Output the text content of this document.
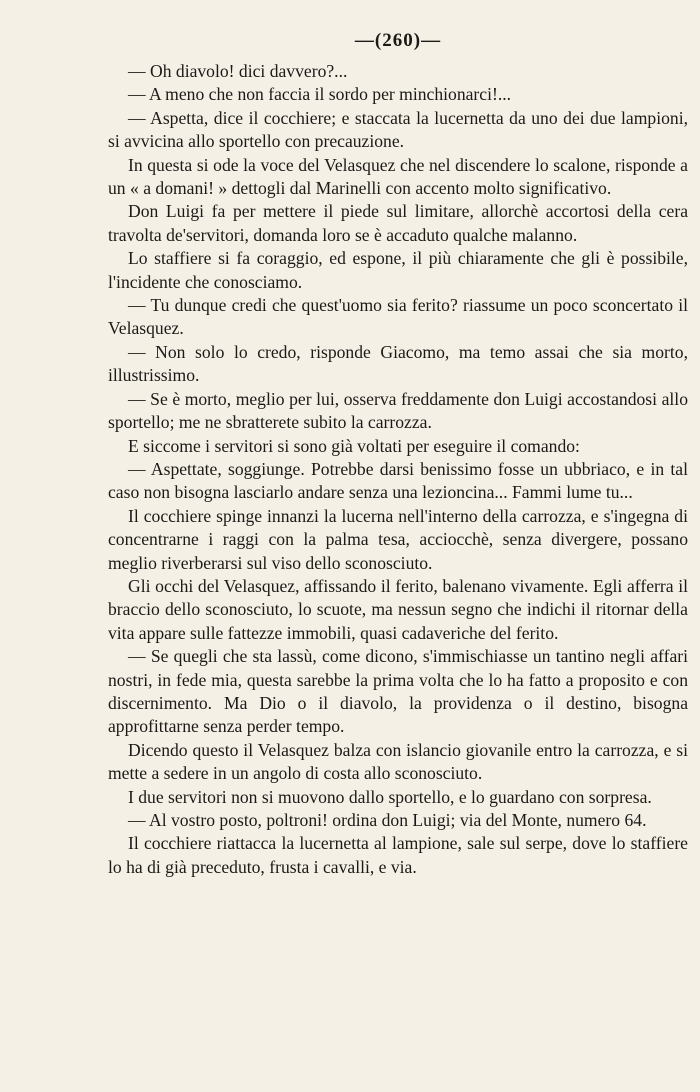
—(260)—

— Oh diavolo! dici davvero?...

— A meno che non faccia il sordo per minchionarci!...

— Aspetta, dice il cocchiere; e staccata la lucernetta da uno dei due lampioni, si avvicina allo sportello con precauzione.

In questa si ode la voce del Velasquez che nel discendere lo scalone, risponde a un « a domani! » dettogli dal Marinelli con accento molto significativo.

Don Luigi fa per mettere il piede sul limitare, allorchè accortosi della cera travolta de'servitori, domanda loro se è accaduto qualche malanno.

Lo staffiere si fa coraggio, ed espone, il più chiaramente che gli è possibile, l'incidente che conosciamo.

— Tu dunque credi che quest'uomo sia ferito? riassume un poco sconcertato il Velasquez.

— Non solo lo credo, risponde Giacomo, ma temo assai che sia morto, illustrissimo.

— Se è morto, meglio per lui, osserva freddamente don Luigi accostandosi allo sportello; me ne sbratterete subito la carrozza.

E siccome i servitori si sono già voltati per eseguire il comando:

— Aspettate, soggiunge. Potrebbe darsi benissimo fosse un ubbriaco, e in tal caso non bisogna lasciarlo andare senza una lezioncina... Fammi lume tu...

Il cocchiere spinge innanzi la lucerna nell'interno della carrozza, e s'ingegna di concentrarne i raggi con la palma tesa, acciocchè, senza divergere, possano meglio riverberarsi sul viso dello sconosciuto.

Gli occhi del Velasquez, affissando il ferito, balenano vivamente. Egli afferra il braccio dello sconosciuto, lo scuote, ma nessun segno che indichi il ritornar della vita appare sulle fattezze immobili, quasi cadaveriche del ferito.

— Se quegli che sta lassù, come dicono, s'immischiasse un tantino negli affari nostri, in fede mia, questa sarebbe la prima volta che lo ha fatto a proposito e con discernimento. Ma Dio o il diavolo, la providenza o il destino, bisogna approfittarne senza perder tempo.

Dicendo questo il Velasquez balza con islancio giovanile entro la carrozza, e si mette a sedere in un angolo di costa allo sconosciuto.

I due servitori non si muovono dallo sportello, e lo guardano con sorpresa.

— Al vostro posto, poltroni! ordina don Luigi; via del Monte, numero 64.

Il cocchiere riattacca la lucernetta al lampione, sale sul serpe, dove lo staffiere lo ha di già preceduto, frusta i cavalli, e via.
